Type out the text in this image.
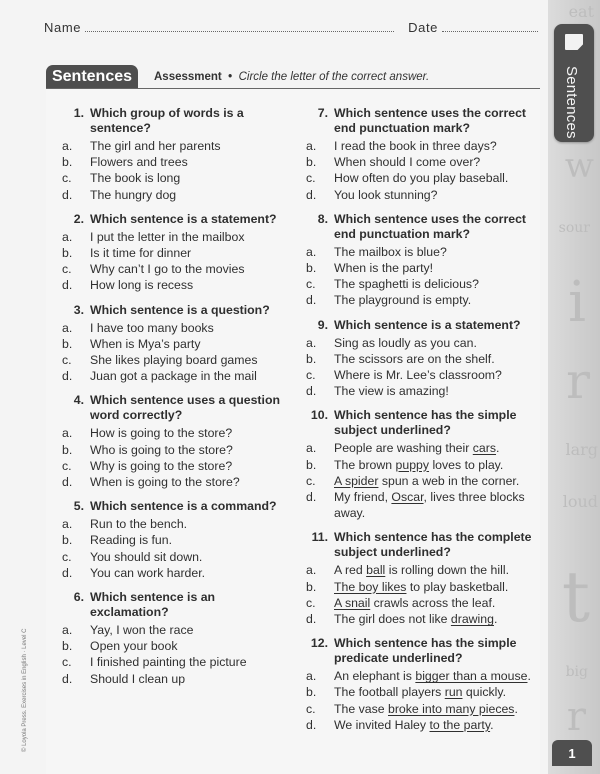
eat
w
sour
i
r
larg
loud
t
big
r
Sentences
1
Name	Date
Sentences	Assessment • Circle the letter of the correct answer.
1. Which group of words is a sentence?
a.	The girl and her parents
b.	Flowers and trees
c.	The book is long
d.	The hungry dog
2. Which sentence is a statement?
a.	I put the letter in the mailbox
b.	Is it time for dinner
c.	Why can’t I go to the movies
d.	How long is recess
3. Which sentence is a question?
a.	I have too many books
b.	When is Mya’s party
c.	She likes playing board games
d.	Juan got a package in the mail
4. Which sentence uses a question word correctly?
a.	How is going to the store?
b.	Who is going to the store?
c.	Why is going to the store?
d.	When is going to the store?
5. Which sentence is a command?
a.	Run to the bench.
b.	Reading is fun.
c.	You should sit down.
d.	You can work harder.
6. Which sentence is an exclamation?
a.	Yay, I won the race
b.	Open your book
c.	I finished painting the picture
d.	Should I clean up
7. Which sentence uses the correct end punctuation mark?
a.	I read the book in three days?
b.	When should I come over?
c.	How often do you play baseball.
d.	You look stunning?
8. Which sentence uses the correct end punctuation mark?
a.	The mailbox is blue?
b.	When is the party!
c.	The spaghetti is delicious?
d.	The playground is empty.
9. Which sentence is a statement?
a.	Sing as loudly as you can.
b.	The scissors are on the shelf.
c.	Where is Mr. Lee’s classroom?
d.	The view is amazing!
10. Which sentence has the simple subject underlined?
a.	People are washing their cars.
b.	The brown puppy loves to play.
c.	A spider spun a web in the corner.
d.	My friend, Oscar, lives three blocks away.
11. Which sentence has the complete subject underlined?
a.	A red ball is rolling down the hill.
b.	The boy likes to play basketball.
c.	A snail crawls across the leaf.
d.	The girl does not like drawing.
12. Which sentence has the simple predicate underlined?
a.	An elephant is bigger than a mouse.
b.	The football players run quickly.
c.	The vase broke into many pieces.
d.	We invited Haley to the party.
© Loyola Press. Exercises in English · Level C
